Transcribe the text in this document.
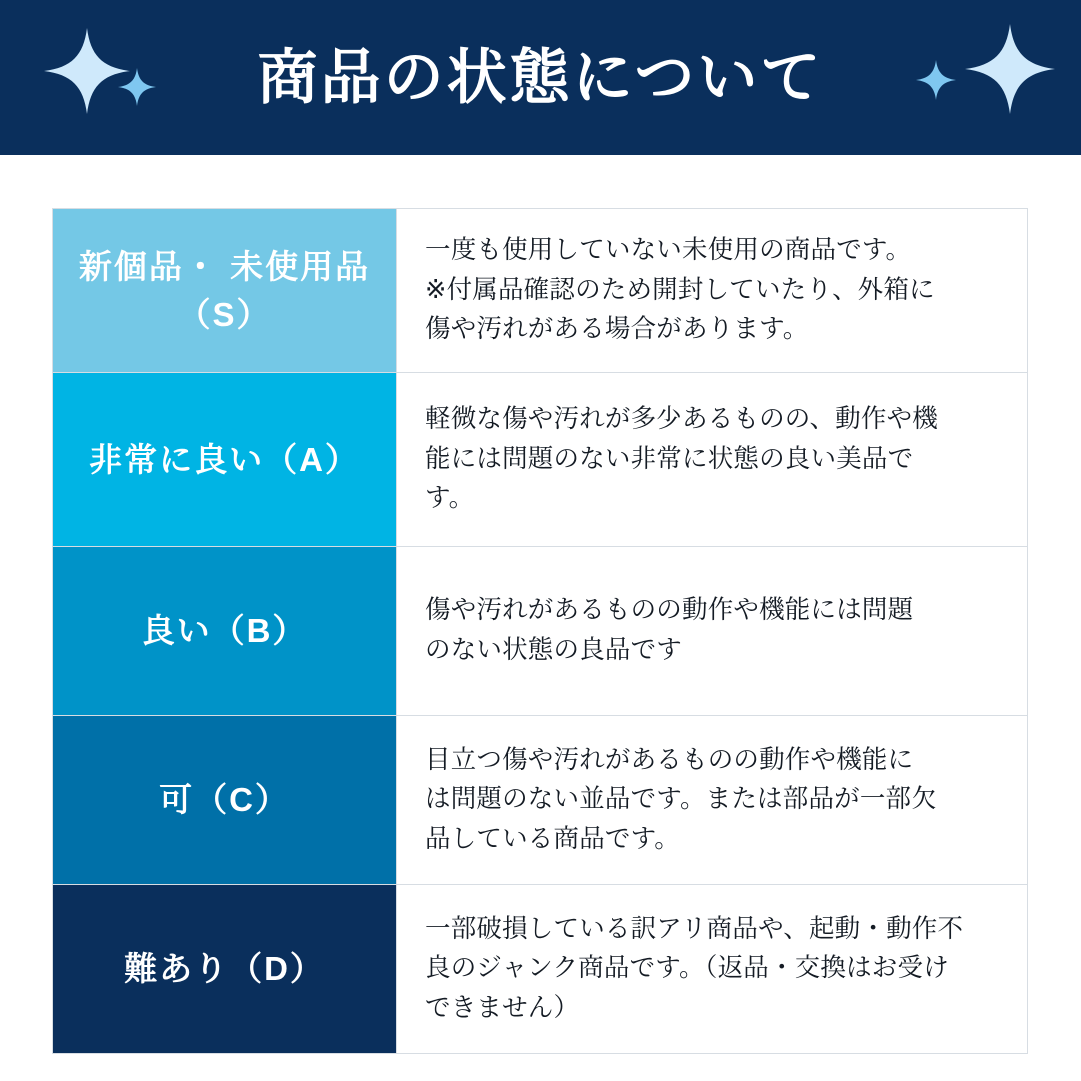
商品の状態について
新個品・ 未使用品（S）
一度も使用していない未使用の商品です。
※付属品確認のため開封していたり、外箱に
傷や汚れがある場合があります。
非常に良い（A）
軽微な傷や汚れが多少あるものの、動作や機
能には問題のない非常に状態の良い美品で
す。
良い（B）
傷や汚れがあるものの動作や機能には問題
のない状態の良品です
可（C）
目立つ傷や汚れがあるものの動作や機能に
は問題のない並品です。または部品が一部欠
品している商品です。
難あり（D）
一部破損している訳アリ商品や、起動・動作不
良のジャンク商品です。（返品・交換はお受け
できません）
